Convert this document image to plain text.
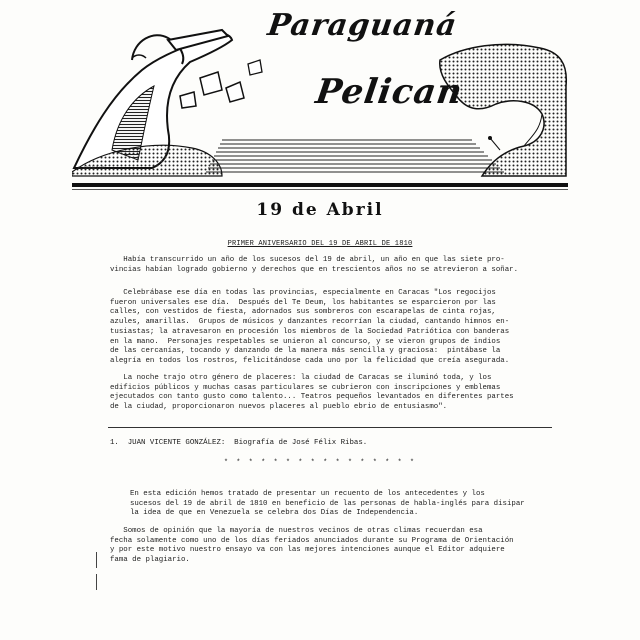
Paraguaná
Pelican
F. ARANGUR
19 de Abril
PRIMER ANIVERSARIO DEL 19 DE ABRIL DE 1810
Había transcurrido un año de los sucesos del 19 de abril, un año en que las siete pro-
vincias habían logrado gobierno y derechos que en trescientos años no se atrevieron a soñar.
Celebrábase ese día en todas las provincias, especialmente en Caracas "Los regocijos
fueron universales ese día.  Después del Te Deum, los habitantes se esparcieron por las
calles, con vestidos de fiesta, adornados sus sombreros con escarapelas de cinta rojas,
azules, amarillas.  Grupos de músicos y danzantes recorrían la ciudad, cantando himnos en-
tusiastas; la atravesaron en procesión los miembros de la Sociedad Patriótica con banderas
en la mano.  Personajes respetables se unieron al concurso, y se vieron grupos de indios
de las cercanías, tocando y danzando de la manera más sencilla y graciosa:  pintábase la
alegría en todos los rostros, felicitándose cada uno por la felicidad que creía asegurada.
La noche trajo otro género de placeres: la ciudad de Caracas se iluminó toda, y los
edificios públicos y muchas casas particulares se cubrieron con inscripciones y emblemas
ejecutados con tanto gusto como talento... Teatros pequeños levantados en diferentes partes
de la ciudad, proporcionaron nuevos placeres al pueblo ebrio de entusiasmo".
1.  JUAN VICENTE GONZÁLEZ:  Biografía de José Félix Ribas.
* * * * * * * * * * * * * * * *
En esta edición hemos tratado de presentar un recuento de los antecedentes y los
sucesos del 19 de abril de 1810 en beneficio de las personas de habla-inglés para disipar
la idea de que en Venezuela se celebra dos Días de Independencia.
Somos de opinión que la mayoría de nuestros vecinos de otras climas recuerdan esa
fecha solamente como uno de los días feriados anunciados durante su Programa de Orientación
y por este motivo nuestro ensayo va con las mejores intenciones aunque el Editor adquiere
fama de plagiario.
